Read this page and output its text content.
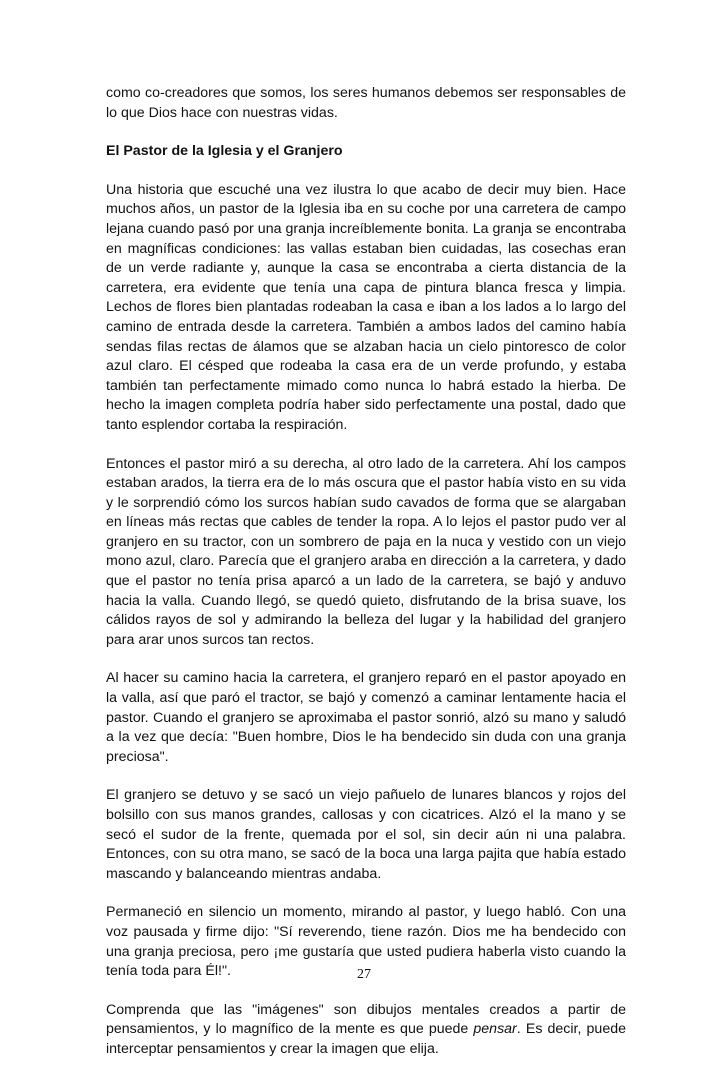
como co-creadores que somos, los seres humanos debemos ser responsables de lo que Dios hace con nuestras vidas.

El Pastor de la Iglesia y el Granjero

Una historia que escuché una vez ilustra lo que acabo de decir muy bien. Hace muchos años, un pastor de la Iglesia iba en su coche por una carretera de campo lejana cuando pasó por una granja increíblemente bonita. La granja se encontraba en magníficas condiciones: las vallas estaban bien cuidadas, las cosechas eran de un verde radiante y, aunque la casa se encontraba a cierta distancia de la carretera, era evidente que tenía una capa de pintura blanca fresca y limpia. Lechos de flores bien plantadas rodeaban la casa e iban a los lados a lo largo del camino de entrada desde la carretera. También a ambos lados del camino había sendas filas rectas de álamos que se alzaban hacia un cielo pintoresco de color azul claro. El césped que rodeaba la casa era de un verde profundo, y estaba también tan perfectamente mimado como nunca lo habrá estado la hierba. De hecho la imagen completa podría haber sido perfectamente una postal, dado que tanto esplendor cortaba la respiración.

Entonces el pastor miró a su derecha, al otro lado de la carretera. Ahí los campos estaban arados, la tierra era de lo más oscura que el pastor había visto en su vida y le sorprendió cómo los surcos habían sudo cavados de forma que se alargaban en líneas más rectas que cables de tender la ropa. A lo lejos el pastor pudo ver al granjero en su tractor, con un sombrero de paja en la nuca y vestido con un viejo mono azul, claro. Parecía que el granjero araba en dirección a la carretera, y dado que el pastor no tenía prisa aparcó a un lado de la carretera, se bajó y anduvo hacia la valla. Cuando llegó, se quedó quieto, disfrutando de la brisa suave, los cálidos rayos de sol y admirando la belleza del lugar y la habilidad del granjero para arar unos surcos tan rectos.

Al hacer su camino hacia la carretera, el granjero reparó en el pastor apoyado en la valla, así que paró el tractor, se bajó y comenzó a caminar lentamente hacia el pastor. Cuando el granjero se aproximaba el pastor sonrió, alzó su mano y saludó a la vez que decía: "Buen hombre, Dios le ha bendecido sin duda con una granja preciosa".

El granjero se detuvo y se sacó un viejo pañuelo de lunares blancos y rojos del bolsillo con sus manos grandes, callosas y con cicatrices. Alzó el la mano y se secó el sudor de la frente, quemada por el sol, sin decir aún ni una palabra. Entonces, con su otra mano, se sacó de la boca una larga pajita que había estado mascando y balanceando mientras andaba.

Permaneció en silencio un momento, mirando al pastor, y luego habló. Con una voz pausada y firme dijo: "Sí reverendo, tiene razón. Dios me ha bendecido con una granja preciosa, pero ¡me gustaría que usted pudiera haberla visto cuando la tenía toda para Él!".

Comprenda que las "imágenes" son dibujos mentales creados a partir de pensamientos, y lo magnífico de la mente es que puede pensar. Es decir, puede interceptar pensamientos y crear la imagen que elija.

27
